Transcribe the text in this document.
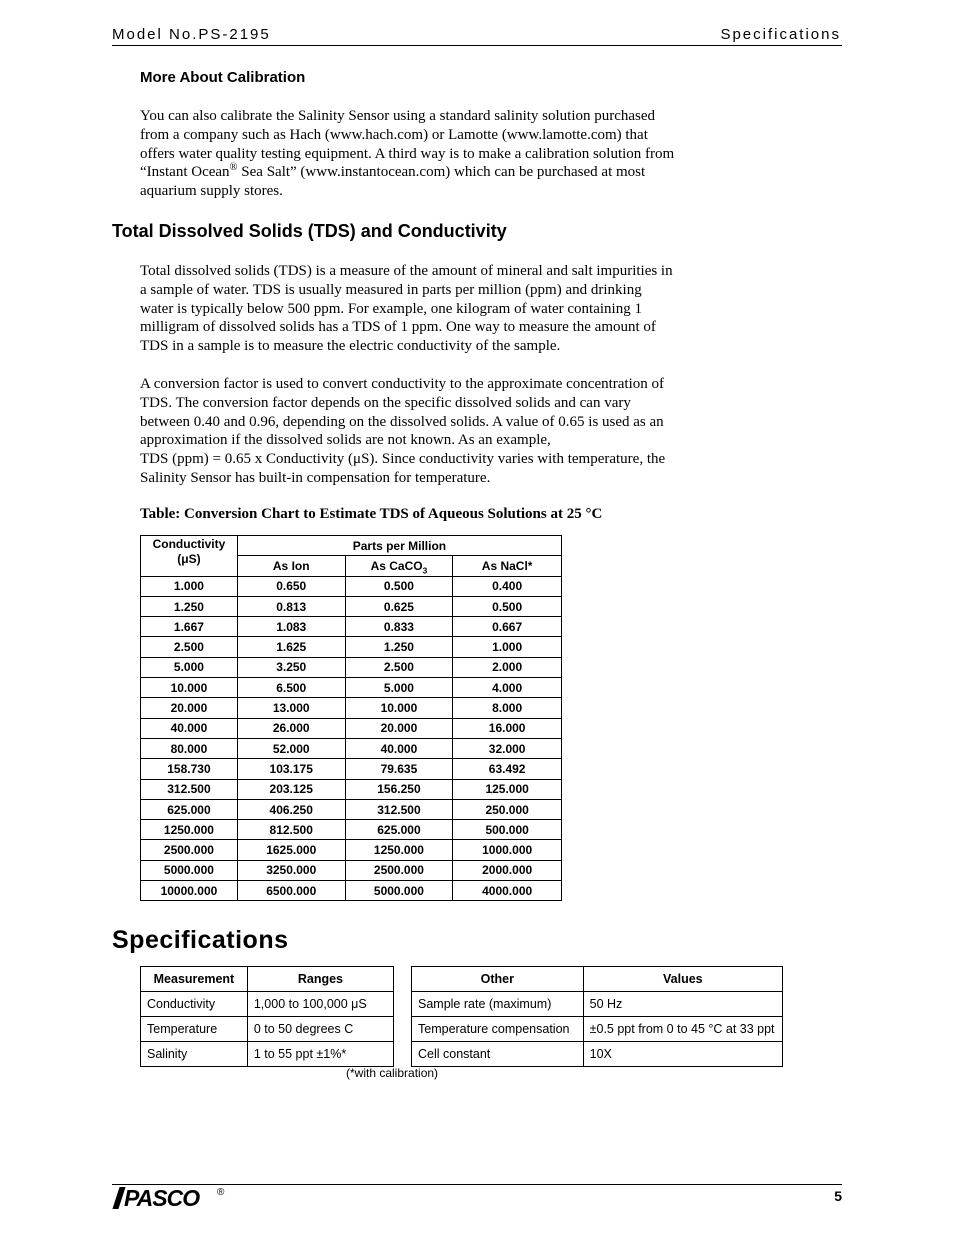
Model No.PS-2195	Specifications
More About Calibration
You can also calibrate the Salinity Sensor using a standard salinity solution purchased from a company such as Hach (www.hach.com) or Lamotte (www.lamotte.com) that offers water quality testing equipment. A third way is to make a calibration solution from “Instant Ocean® Sea Salt” (www.instantocean.com) which can be purchased at most aquarium supply stores.
Total Dissolved Solids (TDS) and Conductivity
Total dissolved solids (TDS) is a measure of the amount of mineral and salt impurities in a sample of water. TDS is usually measured in parts per million (ppm) and drinking water is typically below 500 ppm. For example, one kilogram of water containing 1 milligram of dissolved solids has a TDS of 1 ppm. One way to measure the amount of TDS in a sample is to measure the electric conductivity of the sample.
A conversion factor is used to convert conductivity to the approximate concentration of TDS. The conversion factor depends on the specific dissolved solids and can vary between 0.40 and 0.96, depending on the dissolved solids. A value of 0.65 is used as an approximation if the dissolved solids are not known. As an example,
TDS (ppm) = 0.65 x Conductivity (μS). Since conductivity varies with temperature, the Salinity Sensor has built-in compensation for temperature.
Table: Conversion Chart to Estimate TDS of Aqueous Solutions at 25 °C
Conductivity
(μS)	Parts per Million		
	As Ion	As CaCO$_3$	As NaCl*
1.000	0.650	0.500	0.400
1.250	0.813	0.625	0.500
1.667	1.083	0.833	0.667
2.500	1.625	1.250	1.000
5.000	3.250	2.500	2.000
10.000	6.500	5.000	4.000
20.000	13.000	10.000	8.000
40.000	26.000	20.000	16.000
80.000	52.000	40.000	32.000
158.730	103.175	79.635	63.492
312.500	203.125	156.250	125.000
625.000	406.250	312.500	250.000
1250.000	812.500	625.000	500.000
2500.000	1625.000	1250.000	1000.000
5000.000	3250.000	2500.000	2000.000
10000.000	6500.000	5000.000	4000.000
Specifications
Measurement	Ranges
Conductivity	1,000 to 100,000 μS
Temperature	0 to 50 degrees C
Salinity	1 to 55 ppt ±1%*
Other	Values
Sample rate (maximum)	50 Hz
Temperature compensation	±0.5 ppt from 0 to 45 °C at 33 ppt
Cell constant	10X
(*with calibration)
PASCO ®	5
